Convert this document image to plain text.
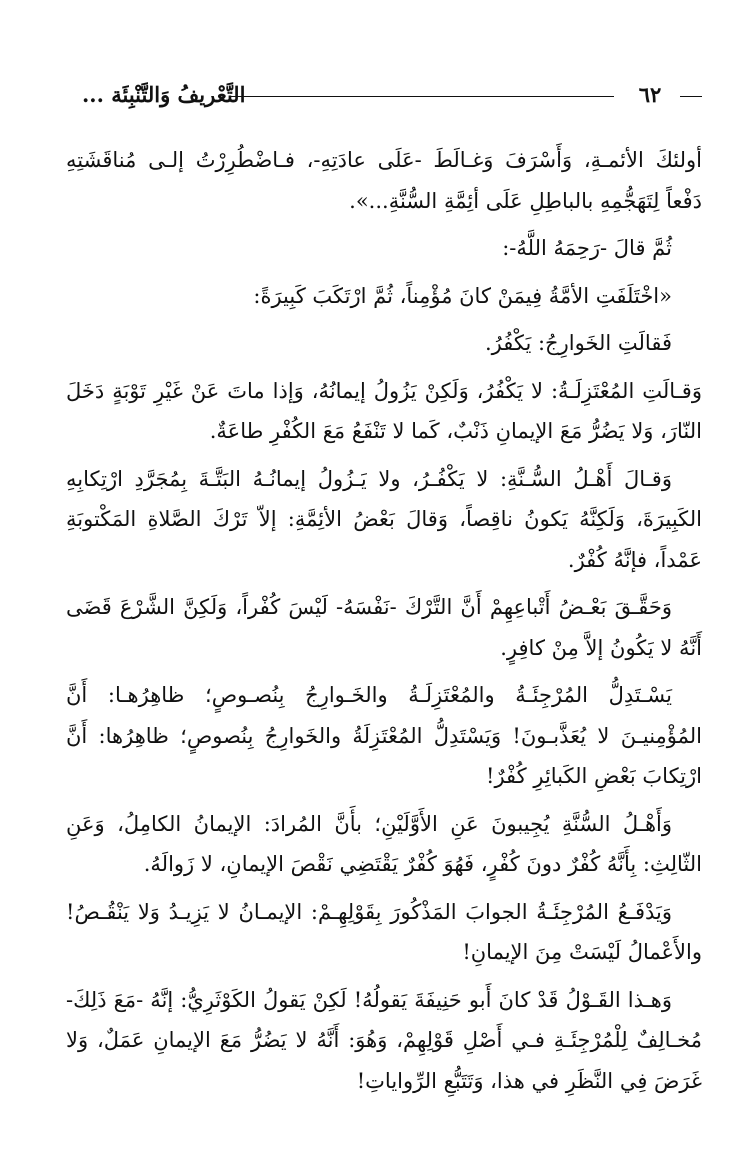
التَّعْريفُ وَالتَّنْبِئَة ...	٦٢

أولئكَ الأئمـةِ، وَأَسْرَفَ وَغـالَطَ -عَلَى عادَتِهِ-، فـاضْطُرِرْتُ إلـى مُناقَشَتِهِ دَفْعاً لِتَهَجُّمِهِ بالباطِلِ عَلَى أئِمَّةِ السُّنَّةِ...».

ثُمَّ قالَ -رَحِمَهُ اللَّهُ-:

«اخْتَلَفَتِ الأمَّةُ فِيمَنْ كانَ مُؤْمِناً، ثُمَّ ارْتَكَبَ كَبِيرَةً:

فَقالَتِ الخَوارِجُ: يَكْفُرُ.

وَقـالَتِ المُعْتَزِلَـةُ: لا يَكْفُرُ، وَلَكِنْ يَزُولُ إيمانُهُ، وَإذا ماتَ عَنْ غَيْرِ تَوْبَةٍ دَخَلَ النّارَ، وَلا يَضُرُّ مَعَ الإيمانِ ذَنْبٌ، كَما لا تَنْفَعُ مَعَ الكُفْرِ طاعَةٌ.

وَقـالَ أَهْـلُ السُّـنَّةِ: لا يَكْفُـرُ، ولا يَـزُولُ إيمانُـهُ البَتَّـةَ بِمُجَرَّدِ ارْتِكابِهِ الكَبِيرَةَ، وَلَكِنَّهُ يَكونُ ناقِصاً، وَقالَ بَعْضُ الأئِمَّةِ: إلاّ تَرْكَ الصَّلاةِ المَكْتوبَةِ عَمْداً، فإنَّهُ كُفْرٌ.

وَحَقَّـقَ بَعْـضُ أَتْباعِهِمْ أَنَّ التَّرْكَ -نَفْسَهُ- لَيْسَ كُفْراً، وَلَكِنَّ الشَّرْعَ قَضَى أَنَّهُ لا يَكُونُ إلاَّ مِنْ كافِرٍ.

يَسْـتَدِلُّ المُرْجِئَـةُ والمُعْتَزِلَـةُ والخَـوارِجُ بِنُصـوصٍ؛ ظاهِرُهـا: أَنَّ المُؤْمِنيـنَ لا يُعَذَّبـونَ! وَيَسْتَدِلُّ المُعْتَزِلَةُ والخَوارِجُ بِنُصوصٍ؛ ظاهِرُها: أَنَّ ارْتِكابَ بَعْضِ الكَبائِرِ كُفْرٌ!

وَأَهْـلُ السُّنَّةِ يُجِيبونَ عَنِ الأَوَّلَيْنِ؛ بأَنَّ المُرادَ: الإيمانُ الكامِلُ، وَعَنِ الثّالِثِ: بِأَنَّهُ كُفْرٌ دونَ كُفْرٍ، فَهُوَ كُفْرٌ يَقْتَضِي نَقْصَ الإيمانِ، لا زَوالَهُ.

وَيَدْفَـعُ المُرْجِئَـةُ الجوابَ المَذْكُورَ بِقَوْلِهِـمْ: الإيمـانُ لا يَزِيـدُ وَلا يَنْقُـصُ! والأَعْمالُ لَيْسَتْ مِنَ الإيمانِ!

وَهـذا القَـوْلُ قَدْ كانَ أَبو حَنِيفَةَ يَقولُهُ! لَكِنْ يَقولُ الكَوْثَرِيُّ: إنَّهُ -مَعَ ذَلِكَ- مُخـالِفٌ لِلْمُرْجِئَـةِ فـي أَصْلِ قَوْلِهِمْ، وَهُوَ: أَنَّهُ لا يَضُرُّ مَعَ الإيمانِ عَمَلٌ، وَلا غَرَضَ فِي النَّظَرِ في هذا، وَتَتَبُّعِ الرِّواياتِ!
